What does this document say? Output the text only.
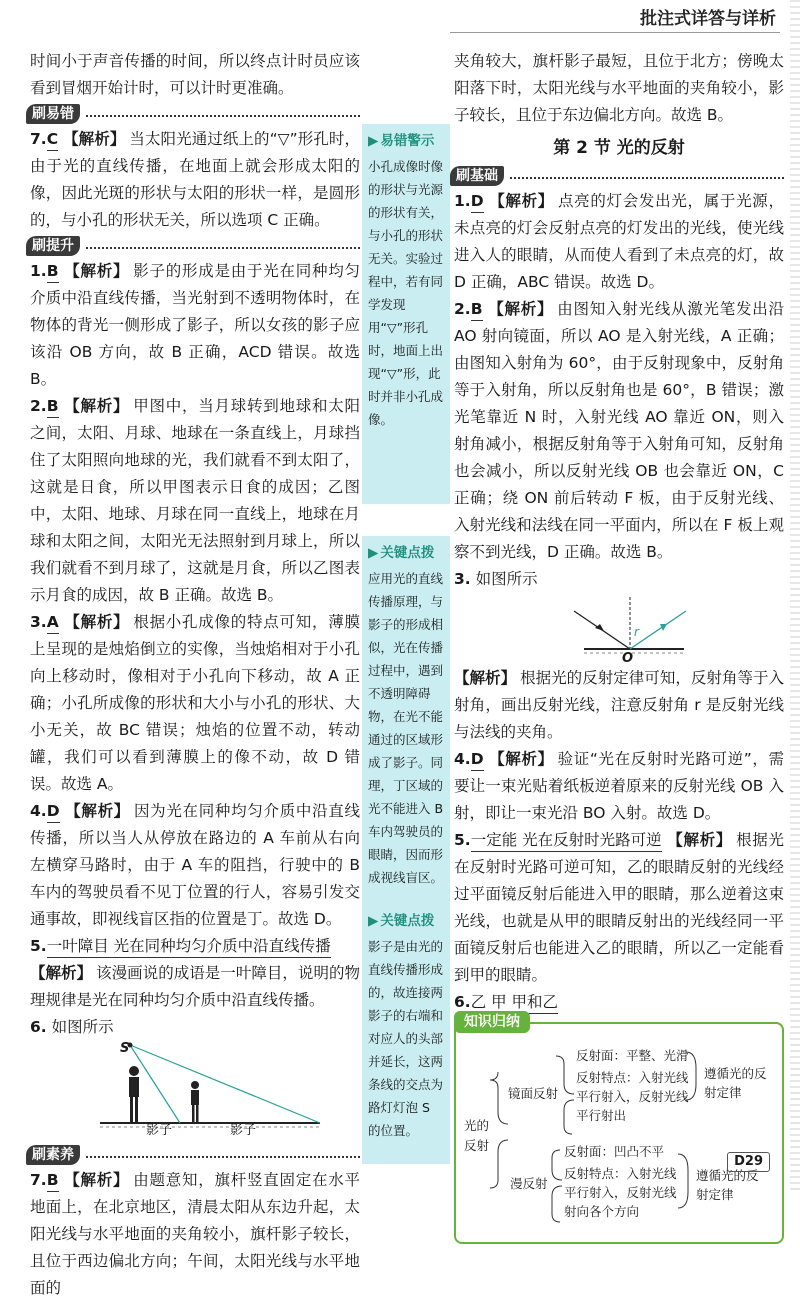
批注式详答与详析

时间小于声音传播的时间，所以终点计时员应该看到冒烟开始计时，可以计时更准确。

刷易错

7.C 【解析】 当太阳光通过纸上的“▽”形孔时，由于光的直线传播，在地面上就会形成太阳的像，因此光斑的形状与太阳的形状一样，是圆形的，与小孔的形状无关，所以选项 C 正确。

刷提升

1.B 【解析】 影子的形成是由于光在同种均匀介质中沿直线传播，当光射到不透明物体时，在物体的背光一侧形成了影子，所以女孩的影子应该沿 OB 方向，故 B 正确，ACD 错误。故选 B。

2.B 【解析】 甲图中，当月球转到地球和太阳之间，太阳、月球、地球在一条直线上，月球挡住了太阳照向地球的光，我们就看不到太阳了，这就是日食，所以甲图表示日食的成因；乙图中，太阳、地球、月球在同一直线上，地球在月球和太阳之间，太阳光无法照射到月球上，所以我们就看不到月球了，这就是月食，所以乙图表示月食的成因，故 B 正确。故选 B。

3.A 【解析】 根据小孔成像的特点可知，薄膜上呈现的是烛焰倒立的实像，当烛焰相对于小孔向上移动时，像相对于小孔向下移动，故 A 正确；小孔所成像的形状和大小与小孔的形状、大小无关，故 BC 错误；烛焰的位置不动，转动罐，我们可以看到薄膜上的像不动，故 D 错误。故选 A。

4.D 【解析】 因为光在同种均匀介质中沿直线传播，所以当人从停放在路边的 A 车前从右向左横穿马路时，由于 A 车的阻挡，行驶中的 B 车内的驾驶员看不见丁位置的行人，容易引发交通事故，即视线盲区指的位置是丁。故选 D。

5.一叶障目 光在同种均匀介质中沿直线传播
【解析】 该漫画说的成语是一叶障目，说明的物理规律是光在同种均匀介质中沿直线传播。

6. 如图所示

S
影子	影子
刷素养

7.B 【解析】 由题意知，旗杆竖直固定在水平地面上，在北京地区，清晨太阳从东边升起，太阳光线与水平地面的夹角较小，旗杆影子较长，且位于西边偏北方向；午间，太阳光线与水平地面的

▶ 易错警示
小孔成像时像的形状与光源的形状有关，与小孔的形状无关。实验过程中，若有同学发现用“▽”形孔时，地面上出现“▽”形，此时并非小孔成像。
▶ 关键点拨
应用光的直线传播原理，与影子的形成相似，光在传播过程中，遇到不透明障碍物，在光不能通过的区域形成了影子。同理，丁区域的光不能进入 B 车内驾驶员的眼睛，因而形成视线盲区。
▶ 关键点拨
影子是由光的直线传播形成的，故连接两影子的右端和对应人的头部并延长，这两条线的交点为路灯灯泡 S 的位置。

夹角较大，旗杆影子最短，且位于北方；傍晚太阳落下时，太阳光线与水平地面的夹角较小，影子较长，且位于东边偏北方向。故选 B。

第 2 节 光的反射
刷基础

1.D 【解析】 点亮的灯会发出光，属于光源，未点亮的灯会反射点亮的灯发出的光线，使光线进入人的眼睛，从而使人看到了未点亮的灯，故 D 正确，ABC 错误。故选 D。

2.B 【解析】 由图知入射光线从激光笔发出沿 AO 射向镜面，所以 AO 是入射光线，A 正确；由图知入射角为 60°，由于反射现象中，反射角等于入射角，所以反射角也是 60°，B 错误；激光笔靠近 N 时，入射光线 AO 靠近 ON，则入射角减小，根据反射角等于入射角可知，反射角也会减小，所以反射光线 OB 也会靠近 ON，C 正确；绕 ON 前后转动 F 板，由于反射光线、入射光线和法线在同一平面内，所以在 F 板上观察不到光线，D 正确。故选 B。

3. 如图所示

O
r

【解析】 根据光的反射定律可知，反射角等于入射角，画出反射光线，注意反射角 r 是反射光线与法线的夹角。

4.D 【解析】 验证“光在反射时光路可逆”，需要让一束光贴着纸板逆着原来的反射光线 OB 入射，即让一束光沿 BO 入射。故选 D。

5.一定能 光在反射时光路可逆 【解析】 根据光在反射时光路可逆可知，乙的眼睛反射的光线经过平面镜反射后能进入甲的眼睛，那么逆着这束光线，也就是从甲的眼睛反射出的光线经同一平面镜反射后也能进入乙的眼睛，所以乙一定能看到甲的眼睛。

6.乙 甲 甲和乙

知识归纳
光的反射
镜面反射
反射面：平整、光滑
反射特点：入射光线平行射入，反射光线平行射出
遵循光的反射定律
漫反射
反射面：凹凸不平
反射特点：入射光线平行射入，反射光线射向各个方向
遵循光的反射定律
D29
